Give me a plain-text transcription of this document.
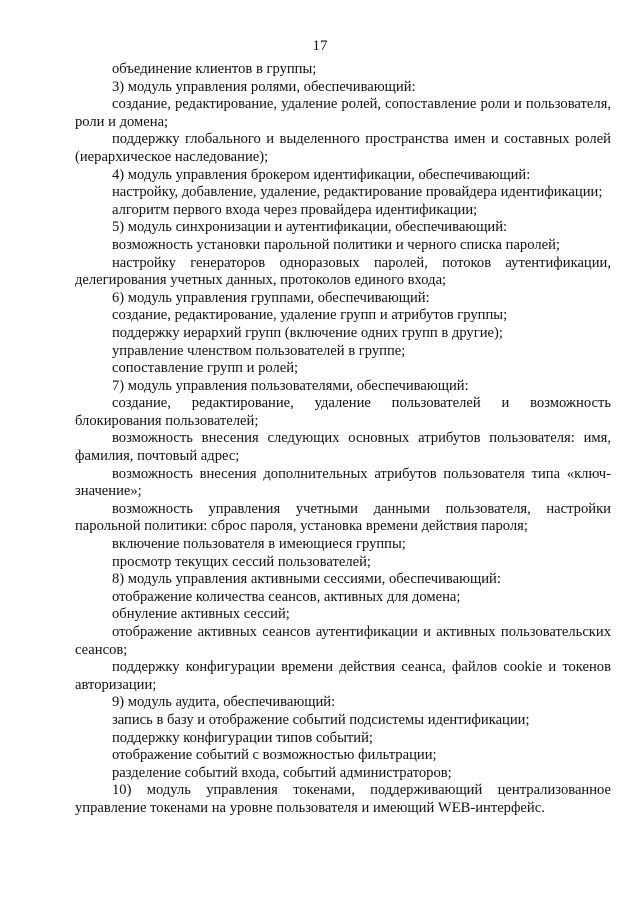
17

объединение клиентов в группы;

3) модуль управления ролями, обеспечивающий:

создание, редактирование, удаление ролей, сопоставление роли и пользователя, роли и домена;

поддержку глобального и выделенного пространства имен и составных ролей (иерархическое наследование);

4) модуль управления брокером идентификации, обеспечивающий:

настройку, добавление, удаление, редактирование провайдера идентификации;

алгоритм первого входа через провайдера идентификации;

5) модуль синхронизации и аутентификации, обеспечивающий:

возможность установки парольной политики и черного списка паролей;

настройку генераторов одноразовых паролей, потоков аутентификации, делегирования учетных данных, протоколов единого входа;

6) модуль управления группами, обеспечивающий:

создание, редактирование, удаление групп и атрибутов группы;

поддержку иерархий групп (включение одних групп в другие);

управление членством пользователей в группе;

сопоставление групп и ролей;

7) модуль управления пользователями, обеспечивающий:

создание, редактирование, удаление пользователей и возможность блокирования пользователей;

возможность внесения следующих основных атрибутов пользователя: имя, фамилия, почтовый адрес;

возможность внесения дополнительных атрибутов пользователя типа «ключ-значение»;

возможность управления учетными данными пользователя, настройки парольной политики: сброс пароля, установка времени действия пароля;

включение пользователя в имеющиеся группы;

просмотр текущих сессий пользователей;

8) модуль управления активными сессиями, обеспечивающий:

отображение количества сеансов, активных для домена;

обнуление активных сессий;

отображение активных сеансов аутентификации и активных пользовательских сеансов;

поддержку конфигурации времени действия сеанса, файлов cookie и токенов авторизации;

9) модуль аудита, обеспечивающий:

запись в базу и отображение событий подсистемы идентификации;

поддержку конфигурации типов событий;

отображение событий с возможностью фильтрации;

разделение событий входа, событий администраторов;

10) модуль управления токенами, поддерживающий централизованное управление токенами на уровне пользователя и имеющий WEB-интерфейс.
